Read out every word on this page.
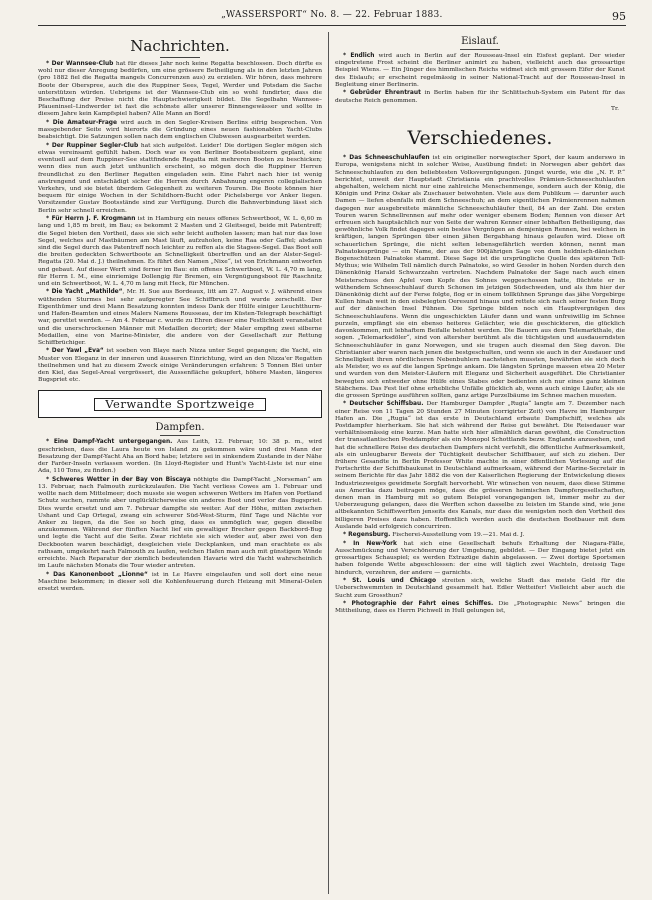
„WASSERSPORT“ No. 8. — 22. Februar 1883.	95
Nachrichten.

* Der Wannsee-Club hat für dieses Jahr noch keine Regatta beschlossen. Doch dürfte es wohl nur dieser Anregung bedürfen, um eine grössere Betheiligung als in den letzten Jahren (pro 1882 fiel die Regatta mangels Concurrenzen aus) zu erzielen. Wir hören, dass mehrere Boote der Oberspree, auch die des Ruppiner Sees, Tegel, Werder und Potsdam die Sache unterstützen würden. Uebrigens ist der Wannsee-Club ein so wohl fundirter, dass die Beschaffung der Preise nicht die Hauptschwierigkeit bildet. Die Segelbahn Wannsee–Pfaueninsel–Lindwerder ist fast die schönste aller unserer Binnengewässer und sollte in diesem Jahre kein Kampfspiel haben? Alle Mann an Bord!

* Die Amateur-Frage wird auch in den Segler-Kreisen Berlins eifrig besprochen. Von massgebender Seite wird hierorts die Gründung eines neuen fashionablen Yacht-Clubs beabsichtigt. Die Satzungen sollen nach dem englischen Clubwesen ausgearbeitet werden.

* Der Ruppiner Segler-Club hat sich aufgelöst. Leider! Die dortigen Segler mögen sich etwas vereinsamt gefühlt haben. Doch war es von Berliner Bootsbesitzern geplant, eine eventuell auf dem Ruppiner-See stattfindende Regatta mit mehreren Booten zu beschicken; wenn dies nun auch jetzt unthunlich erscheint, so mögen doch die Ruppiner Herren freundlichst zu den Berliner Regatten eingeladen sein. Eine Fahrt nach hier ist wenig anstrengend und entschädigt sicher die Herren durch Anbahnung engeren collegialischen Verkehrs, und sie bietet überdem Gelegenheit zu weiteren Touren. Die Boote können hier bequem für einige Wochen in der Schildhorn-Bucht oder Pichelsberge vor Anker liegen. Vorsitzender Gustav Bootsstände sind zur Verfügung. Durch die Bahnverbindung lässt sich Berlin sehr schnell erreichen.

* Für Herrn J. F. Krogmann ist in Hamburg ein neues offenes Schwertboot, W. L. 6,60 m lang und 1,85 m breit, im Bau; es bekommt 2 Masten und 2 Gleitsegel, beide mit Patentreff; die Segel bieten den Vortheil, dass sie sich sehr leicht aufholen lassen; man hat nur das lose Segel, welches auf Mastbäumen am Mast läuft, aufzuholen, keine Raa oder Gaffel; alsdann sind die Segel durch das Patentreff noch leichter zu reffen als die Stagsee-Segel. Das Boot soll die breiten gedeckten Schwertboote an Schnelligkeit übertreffen und an der Alster-Segel-Regatta (20. Mai d. J.) theilnehmen. Es führt den Namen „Nixe“, ist von Erichmann entworfen und gebaut. Auf dieser Werft sind ferner im Bau: ein offenes Schwertboot, W. L. 4,70 m lang, für Herrn I. M., eine einriemige Dollengig für Bremen, ein Vergnügungsboot für Raschnitz und ein Schwertboot, W. L. 4,70 m lang mit Heck, für München.

* Die Yacht „Mathilde“, Mr. H. Sue aus Bordeaux, litt am 27. August v. J. während eines wüthenden Sturmes bei sehr aufgeregter See Schiffbruch und wurde zerschellt. Der Eigenthümer und drei Mann Besatzung konnten indess Dank der Hülfe einiger Leuchtthurm- und Hafen-Beamten und eines Malers Namens Rousseau, der im Küsten-Telegraph beschäftigt war, gerettet werden. — Am 4. Februar c. wurde zu Ehren dieser eine Festlichkeit veranstaltet und die unerschrockenen Männer mit Medaillen decorirt; der Maler empfing zwei silberne Medaillen, eine von Marine-Minister, die andere von der Gesellschaft zur Rettung Schiffbrüchiger.

* Der Yawl „Eva“ ist soeben von Blaye nach Nizza unter Segel gegangen; die Yacht, ein Muster von Eleganz in der inneren und äusseren Einrichtung, wird an den Nizza'er Regatten theilnehmen und hat zu diesem Zweck einige Veränderungen erfahren: 5 Tonnen Blei unter den Kiel, das Segel-Areal vergrössert, die Aussenfläche gekupfert, höhere Masten, längeres Bugspriet etc.

Verwandte Sportzweige
Dampfen.

* Eine Dampf-Yacht untergegangen. Aus Leith, 12. Februar, 10: 38 p. m., wird geschrieben, dass die Laura heute von Island zu gekommen wäre und drei Mann der Besatzung der Dampf-Yacht Aha an Bord habe; letztere sei in sinkendem Zustande in der Nähe der Faröer-Inseln verlassen worden. (In Lloyd-Register und Hunt's Yacht-Liste ist nur eine Ada, 110 Tons, zu finden.)

* Schweres Wetter in der Bay von Biscaya nöthigte die Dampf-Yacht „Norseman“ am 13. Februar, nach Falmouth zurückzulaufen. Die Yacht verliess Cowes am 1. Februar und wollte nach dem Mittelmeer; doch musste sie wegen schweren Wetters im Hafen von Portland Schutz suchen, rammte aber unglücklicherweise ein anderes Boot und verlor das Bugspriet. Dies wurde ersetzt und am 7. Februar dampfte sie weiter. Auf der Höhe, mitten zwischen Ushant und Cap Ortegal, zwang ein schwerer Süd-West-Sturm, fünf Tage und Nächte vor Anker zu liegen, da die See so hoch ging, dass es unmöglich war, gegen dieselbe anzukommen. Während der fünften Nacht lief ein gewaltiger Brecher gegen Backbord-Bug und legte die Yacht auf die Seite. Zwar richtete sie sich wieder auf, aber zwei von den Deckbooten waren beschädigt, desgleichen viele Deckplanken, und man erachtete es als rathsam, umgekehrt nach Falmouth zu laufen, welchen Hafen man auch mit günstigem Winde erreichte. Nach Reparatur der ziemlich bedeutenden Havarie wird die Yacht wahrscheinlich im Laufe nächsten Monats die Tour wieder antreten.

* Das Kanonenboot „Lionne“ ist in Le Havre eingelaufen und soll dort eine neue Maschine bekommen; in dieser soll die Kohlenfeuerung durch Heizung mit Mineral-Oelen ersetzt werden.

Eislauf.

* Endlich wird auch in Berlin auf der Rousseau-Insel ein Eisfest geplant. Der wieder eingetretene Frost scheint die Berliner animirt zu haben, vielleicht auch das grossartige Beispiel Wiens. — Ein Jünger des himmlischen Reichs widmet sich mit grossem Eifer der Kunst des Eislaufs; er erscheint regelmässig in seiner National-Tracht auf der Rousseau-Insel in Begleitung einer Berlinerin.

* Gebrüder Ehrentraut in Berlin haben für ihr Schlittschuh-System ein Patent für das deutsche Reich genommen.

Tr.

Verschiedenes.

* Das Schneeschuhlaufen ist ein origineller norwegischer Sport, der kaum anderswo in Europa, wenigstens nicht in solcher Weise, Ausübung findet: in Norwegen aber gehört das Schneeschuhlaufen zu den beliebtesten Volksvergnügungen. Jüngst wurde, wie die „N. F. P.“ berichtet, unweit der Hauptstadt Christiania ein prachtvolles Prämien-Schneeschuhlaufen abgehalten, welchem nicht nur eine zahlreiche Menschenmenge, sondern auch der König, die Königin und Prinz Oskar als Zuschauer beiwohnten. Viele aus dem Publikum — darunter auch Damen — liefen ebenfalls mit dem Schneeschuh; an dem eigentlichen Prämienrennen nahmen dagegen nur ausgebreitete männliche Schneeschuhläufer theil, 84 an der Zahl. Die ersten Touren waren Schnellrennen auf mehr oder weniger ebenem Boden; Rennen von dieser Art erfreuen sich hauptsächlich nur von Seite der wahren Kenner einer lebhaften Betheiligung, das gewöhnliche Volk findet dagegen sein bestes Vergnügen an demjenigen Rennen, bei welchen in kräftigen, langen Sprüngen über einen jähen Bergabhang hinaus gelaufen wird. Diese oft schauerlichen Sprünge, die nicht selten lebensgefährlich werden können, nennt man Palnatokesprünge — ein Name, der aus der 900jährigen Sage von dem heldnisch-dänischen Bogenschützen Palnatoke stammt. Diese Sage ist die ursprüngliche Quelle des späteren Tell-Mythus; wie Wilhelm Tell nämlich durch Palnatoke, so wird Gessler in hohen Norden durch den Dänenkönig Harald Schwarzzahn vertreten. Nachdem Palnatoke der Sage nach auch einen Meisterschuss den Apfel vom Kopfe des Sohnes weggeschossen hatte, flüchtete er in wüthendem Schneeschuhlauf durch Schonen im jetzigen Südschweden, und als ihm hier der Dänenkönig dicht auf der Ferse folgte, flog er in einem tollkühnen Sprunge das jähe Vorgebirge Kullen hinab weit in den eisbelegten Oeresund hinaus und rettete sich nach seiner festen Burg auf der dänischen Insel Fühnen. Die Sprünge bilden noch ein Hauptvergnügen des Schneeschuhlaufens. Wenn die ungeschickten Läufer dann und wann unfreiwillig im Schnee purzeln, empfängt sie ein ebenso heiteres Gelächter, wie die geschickteren, die glücklich davonkommen, mit lebhaftem Beifalle belohnt werden. Die Bauern aus dem Telemarkthale, die sogen. „Telemarksdöler“, sind von altersher berühmt als die tüchtigsten und ausdauerndsten Schneeschuhläufer in ganz Norwegen, und sie trugen auch diesmal den Sieg davon. Die Christianier aber waren nach jenen die bestgeschulten, und wenn sie auch in der Ausdauer und Schnelligkeit ihren nördlicheren Nebenbuhlern nachstehen mussten, bewährten sie sich doch als Meister, wo es auf die langen Sprünge ankam. Die längsten Sprünge massen etwa 20 Meter und wurden von den Meister-Läufern mit Eleganz und Sicherheit ausgeführt. Die Christianier bewegten sich entweder ohne Hülfe eines Stabes oder bedienten sich nur eines ganz kleinen Stäbchens. Das Fest lief ohne erhebliche Unfälle glücklich ab, wenn auch einige Läufer, als sie die grossen Sprünge ausführen sollten, ganz artige Purzelbäume im Schnee machen mussten.

* Deutscher Schiffsbau. Der Hamburger Dampfer „Rugia“ langte am 7. Dezember nach einer Reise von 11 Tagen 20 Stunden 27 Minuten (corrigirter Zeit) von Havre im Hamburger Hafen an. Die „Rugia“ ist das erste in Deutschland erbaute Dampfschiff, welches als Postdampfer hierherkam. Sie hat sich während der Reise gut bewährt. Die Reisedauer war verhältnissmässig eine kurze. Man hatte sich hier allmählich daran gewöhnt, die Construction der transatlantischen Postdampfer als ein Monopol Schottlands bezw. Englands anzusehen, und hat die schnellere Reise des deutschen Dampfers nicht verfehlt, die öffentliche Aufmerksamkeit, als ein unleugbarer Beweis der Tüchtigkeit deutscher Schiffbauer, auf sich zu ziehen. Der frühere Gesandte in Berlin Professor White machte in einer öffentlichen Vorlesung auf die Fortschritte der Schiffsbaukunst in Deutschland aufmerksam, während der Marine-Secretair in seinem Berichte für das Jahr 1882 die von der Kaiserlichen Regierung der Entwickelung dieses Industriezweiges gewidmete Sorgfalt hervorhebt. Wir wünschen von neuem, dass diese Stimme aus Amerika dazu beitragen möge, dass die grösseren heimischen Dampfergesellschaften, denen man in Hamburg mit so gutem Beispiel vorangegangen ist, immer mehr zu der Ueberzeugung gelangen, dass die Werften schon dasselbe zu leisten im Stande sind, wie jene altbekannten Schiffswerften jenseits des Kanals, nur dass die wenigsten noch den Vortheil des billigeren Preises dazu haben. Hoffentlich werden auch die deutschen Bootbauer mit dem Auslande bald erfolgreich concurriren.

* Regensburg. Fischerei-Ausstellung vom 19.—21. Mai d. J.

* In New-York hat sich eine Gesellschaft behufs Erhaltung der Niagara-Fälle, Ausschmückung und Verschönerung der Umgebung, gebildet. — Der Eingang bietet jetzt ein grossartiges Schauspiel; es werden Extrazüge dahin abgelassen. — Zwei dortige Sportsmen haben folgende Wette abgeschlossen: der eine will täglich zwei Wachteln, dreissig Tage hindurch, verzehren, der andere — garnichts.

* St. Louis und Chicago streiten sich, welche Stadt das meiste Geld für die Ueberschwemmten in Deutschland gesammelt hat. Edler Wetteifer! Vielleicht aber auch die Sucht zum Grossthun?

* Photographie der Fahrt eines Schiffes. Die „Photographic News“ bringen die Mittheilung, dass es Herrn Pichwell in Hull gelungen ist,
